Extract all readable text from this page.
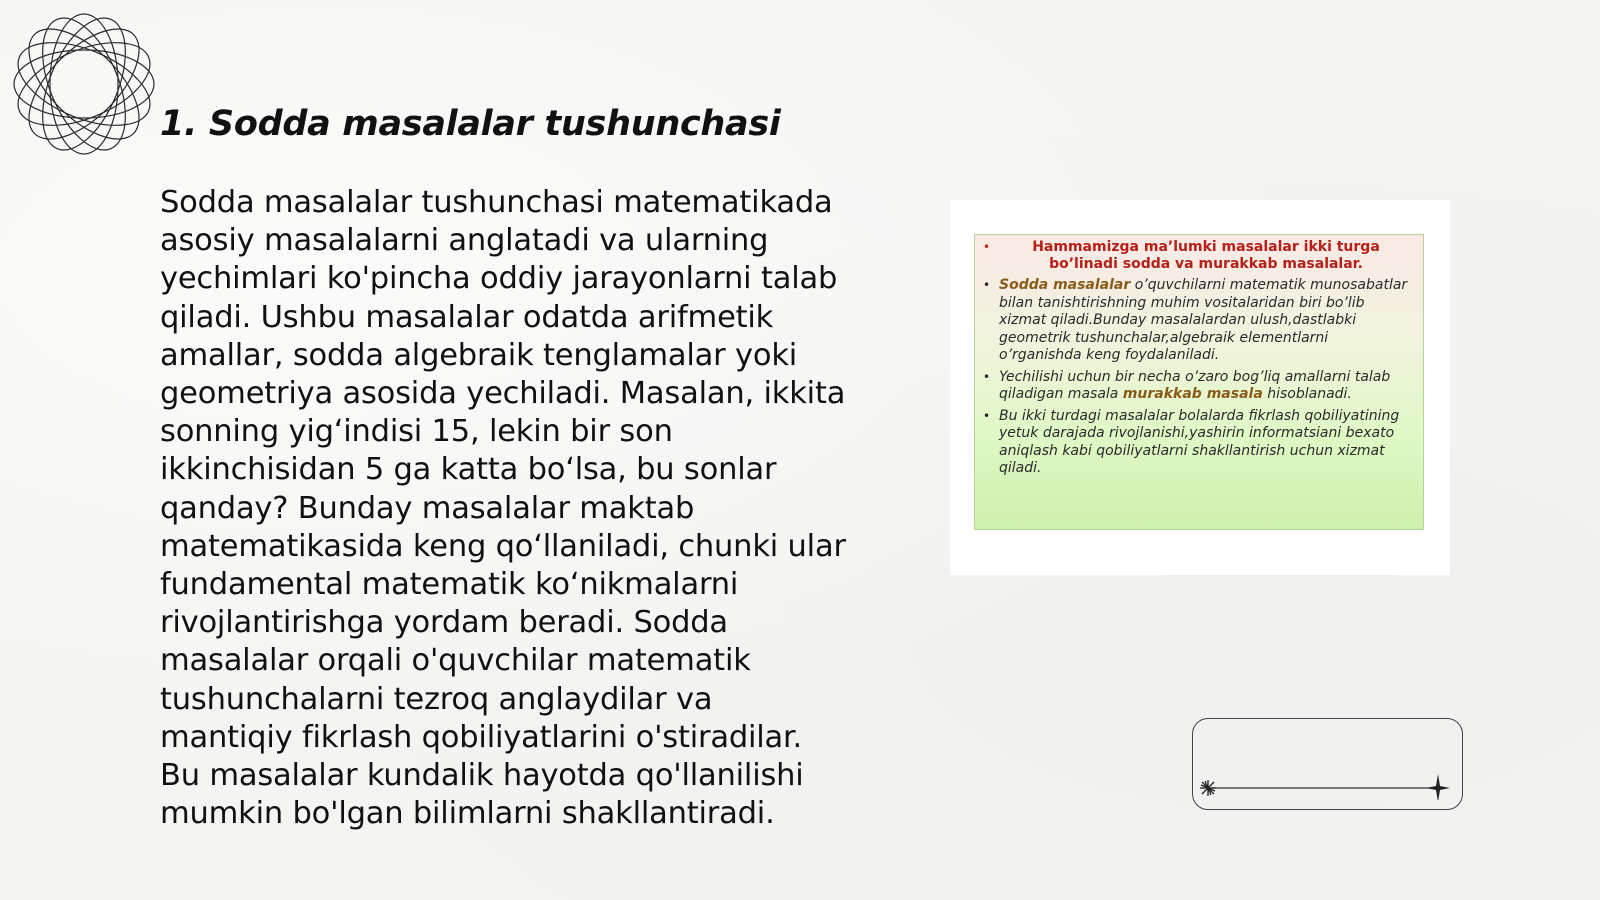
1. Sodda masalalar tushunchasi

Sodda masalalar tushunchasi matematikada asosiy masalalarni anglatadi va ularning yechimlari ko'pincha oddiy jarayonlarni talab qiladi. Ushbu masalalar odatda arifmetik amallar, sodda algebraik tenglamalar yoki geometriya asosida yechiladi. Masalan, ikkita sonning yig‘indisi 15, lekin bir son ikkinchisidan 5 ga katta bo‘lsa, bu sonlar qanday? Bunday masalalar maktab matematikasida keng qo‘llaniladi, chunki ular fundamental matematik ko‘nikmalarni rivojlantirishga yordam beradi. Sodda masalalar orqali o'quvchilar matematik tushunchalarni tezroq anglaydilar va mantiqiy fikrlash qobiliyatlarini o'stiradilar. Bu masalalar kundalik hayotda qo'llanilishi mumkin bo'lgan bilimlarni shakllantiradi.

•	Hammamizga ma’lumki masalalar ikki turga bo’linadi sodda va murakkab masalalar.
• Sodda masalalar o’quvchilarni matematik munosabatlar bilan tanishtirishning muhim vositalaridan biri bo’lib xizmat qiladi.Bunday masalalardan ulush,dastlabki geometrik tushunchalar,algebraik elementlarni o’rganishda keng foydalaniladi.
• Yechilishi uchun bir necha o’zaro bog’liq amallarni talab qiladigan masala murakkab masala hisoblanadi.
• Bu ikki turdagi masalalar bolalarda fikrlash qobiliyatining yetuk darajada rivojlanishi,yashirin informatsiani bexato aniqlash kabi qobiliyatlarni shakllantirish uchun xizmat qiladi.
